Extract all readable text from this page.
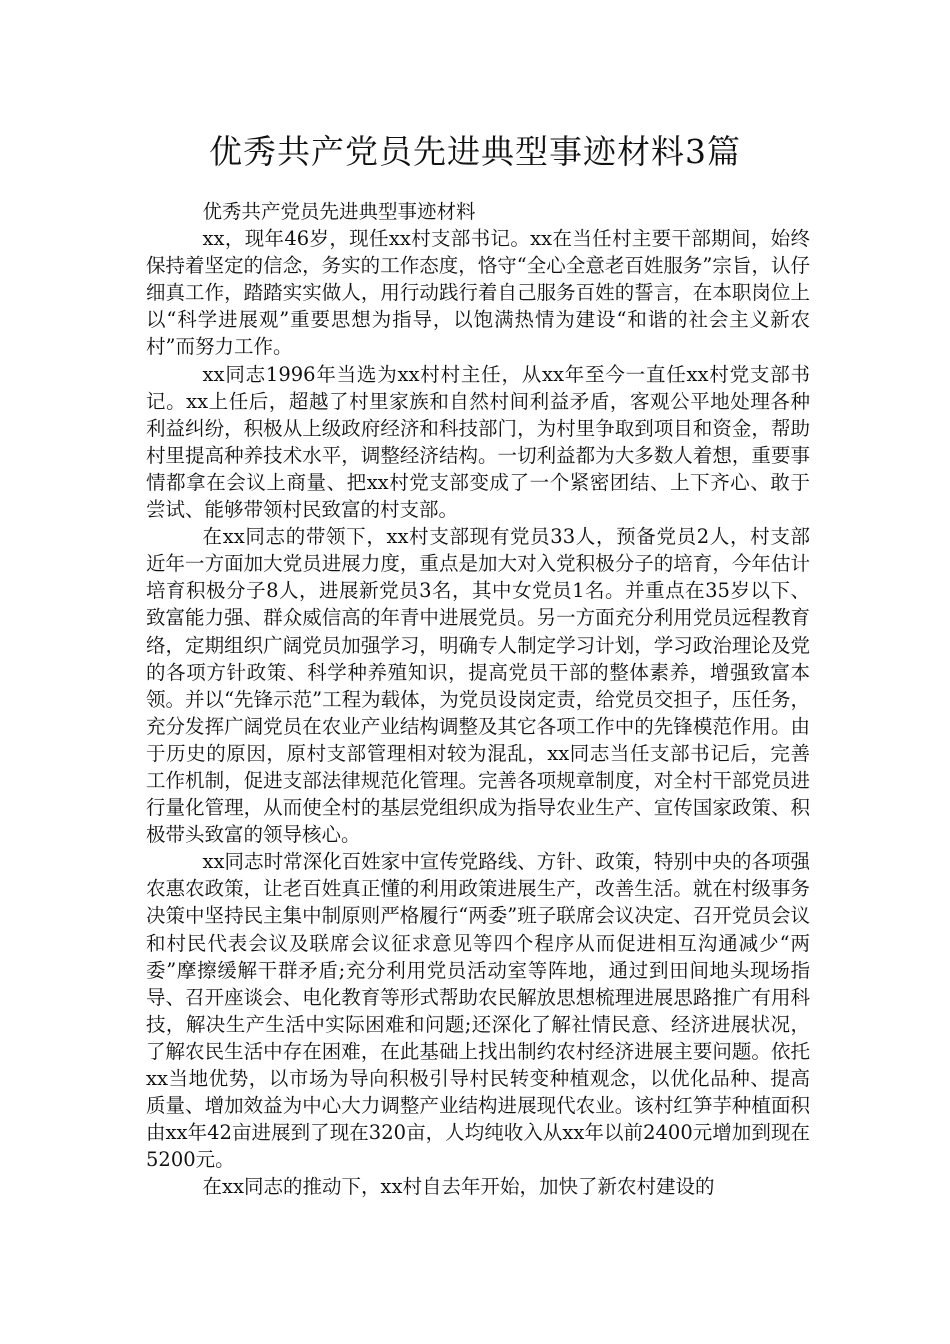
优秀共产党员先进典型事迹材料3篇

优秀共产党员先进典型事迹材料

xx，现年46岁，现任xx村支部书记。xx在当任村主要干部期间，始终保持着坚定的信念，务实的工作态度，恪守“全心全意老百姓服务”宗旨，认仔细真工作，踏踏实实做人，用行动践行着自己服务百姓的誓言，在本职岗位上以“科学进展观”重要思想为指导，以饱满热情为建设“和谐的社会主义新农村”而努力工作。

xx同志1996年当选为xx村村主任，从xx年至今一直任xx村党支部书记。xx上任后，超越了村里家族和自然村间利益矛盾，客观公平地处理各种利益纠纷，积极从上级政府经济和科技部门，为村里争取到项目和资金，帮助村里提高种养技术水平，调整经济结构。一切利益都为大多数人着想，重要事情都拿在会议上商量、把xx村党支部变成了一个紧密团结、上下齐心、敢于尝试、能够带领村民致富的村支部。

在xx同志的带领下，xx村支部现有党员33人，预备党员2人，村支部近年一方面加大党员进展力度，重点是加大对入党积极分子的培育，今年估计培育积极分子8人，进展新党员3名，其中女党员1名。并重点在35岁以下、致富能力强、群众威信高的年青中进展党员。另一方面充分利用党员远程教育络，定期组织广阔党员加强学习，明确专人制定学习计划，学习政治理论及党的各项方针政策、科学种养殖知识，提高党员干部的整体素养，增强致富本领。并以“先锋示范”工程为载体，为党员设岗定责，给党员交担子，压任务，充分发挥广阔党员在农业产业结构调整及其它各项工作中的先锋模范作用。由于历史的原因，原村支部管理相对较为混乱，xx同志当任支部书记后，完善工作机制，促进支部法律规范化管理。完善各项规章制度，对全村干部党员进行量化管理，从而使全村的基层党组织成为指导农业生产、宣传国家政策、积极带头致富的领导核心。

xx同志时常深化百姓家中宣传党路线、方针、政策，特别中央的各项强农惠农政策，让老百姓真正懂的利用政策进展生产，改善生活。就在村级事务决策中坚持民主集中制原则严格履行“两委”班子联席会议决定、召开党员会议和村民代表会议及联席会议征求意见等四个程序从而促进相互沟通减少“两委”摩擦缓解干群矛盾;充分利用党员活动室等阵地，通过到田间地头现场指导、召开座谈会、电化教育等形式帮助农民解放思想梳理进展思路推广有用科技，解决生产生活中实际困难和问题;还深化了解社情民意、经济进展状况，了解农民生活中存在困难，在此基础上找出制约农村经济进展主要问题。依托xx当地优势，以市场为导向积极引导村民转变种植观念，以优化品种、提高质量、增加效益为中心大力调整产业结构进展现代农业。该村红笋芋种植面积由xx年42亩进展到了现在320亩，人均纯收入从xx年以前2400元增加到现在5200元。

在xx同志的推动下，xx村自去年开始，加快了新农村建设的
